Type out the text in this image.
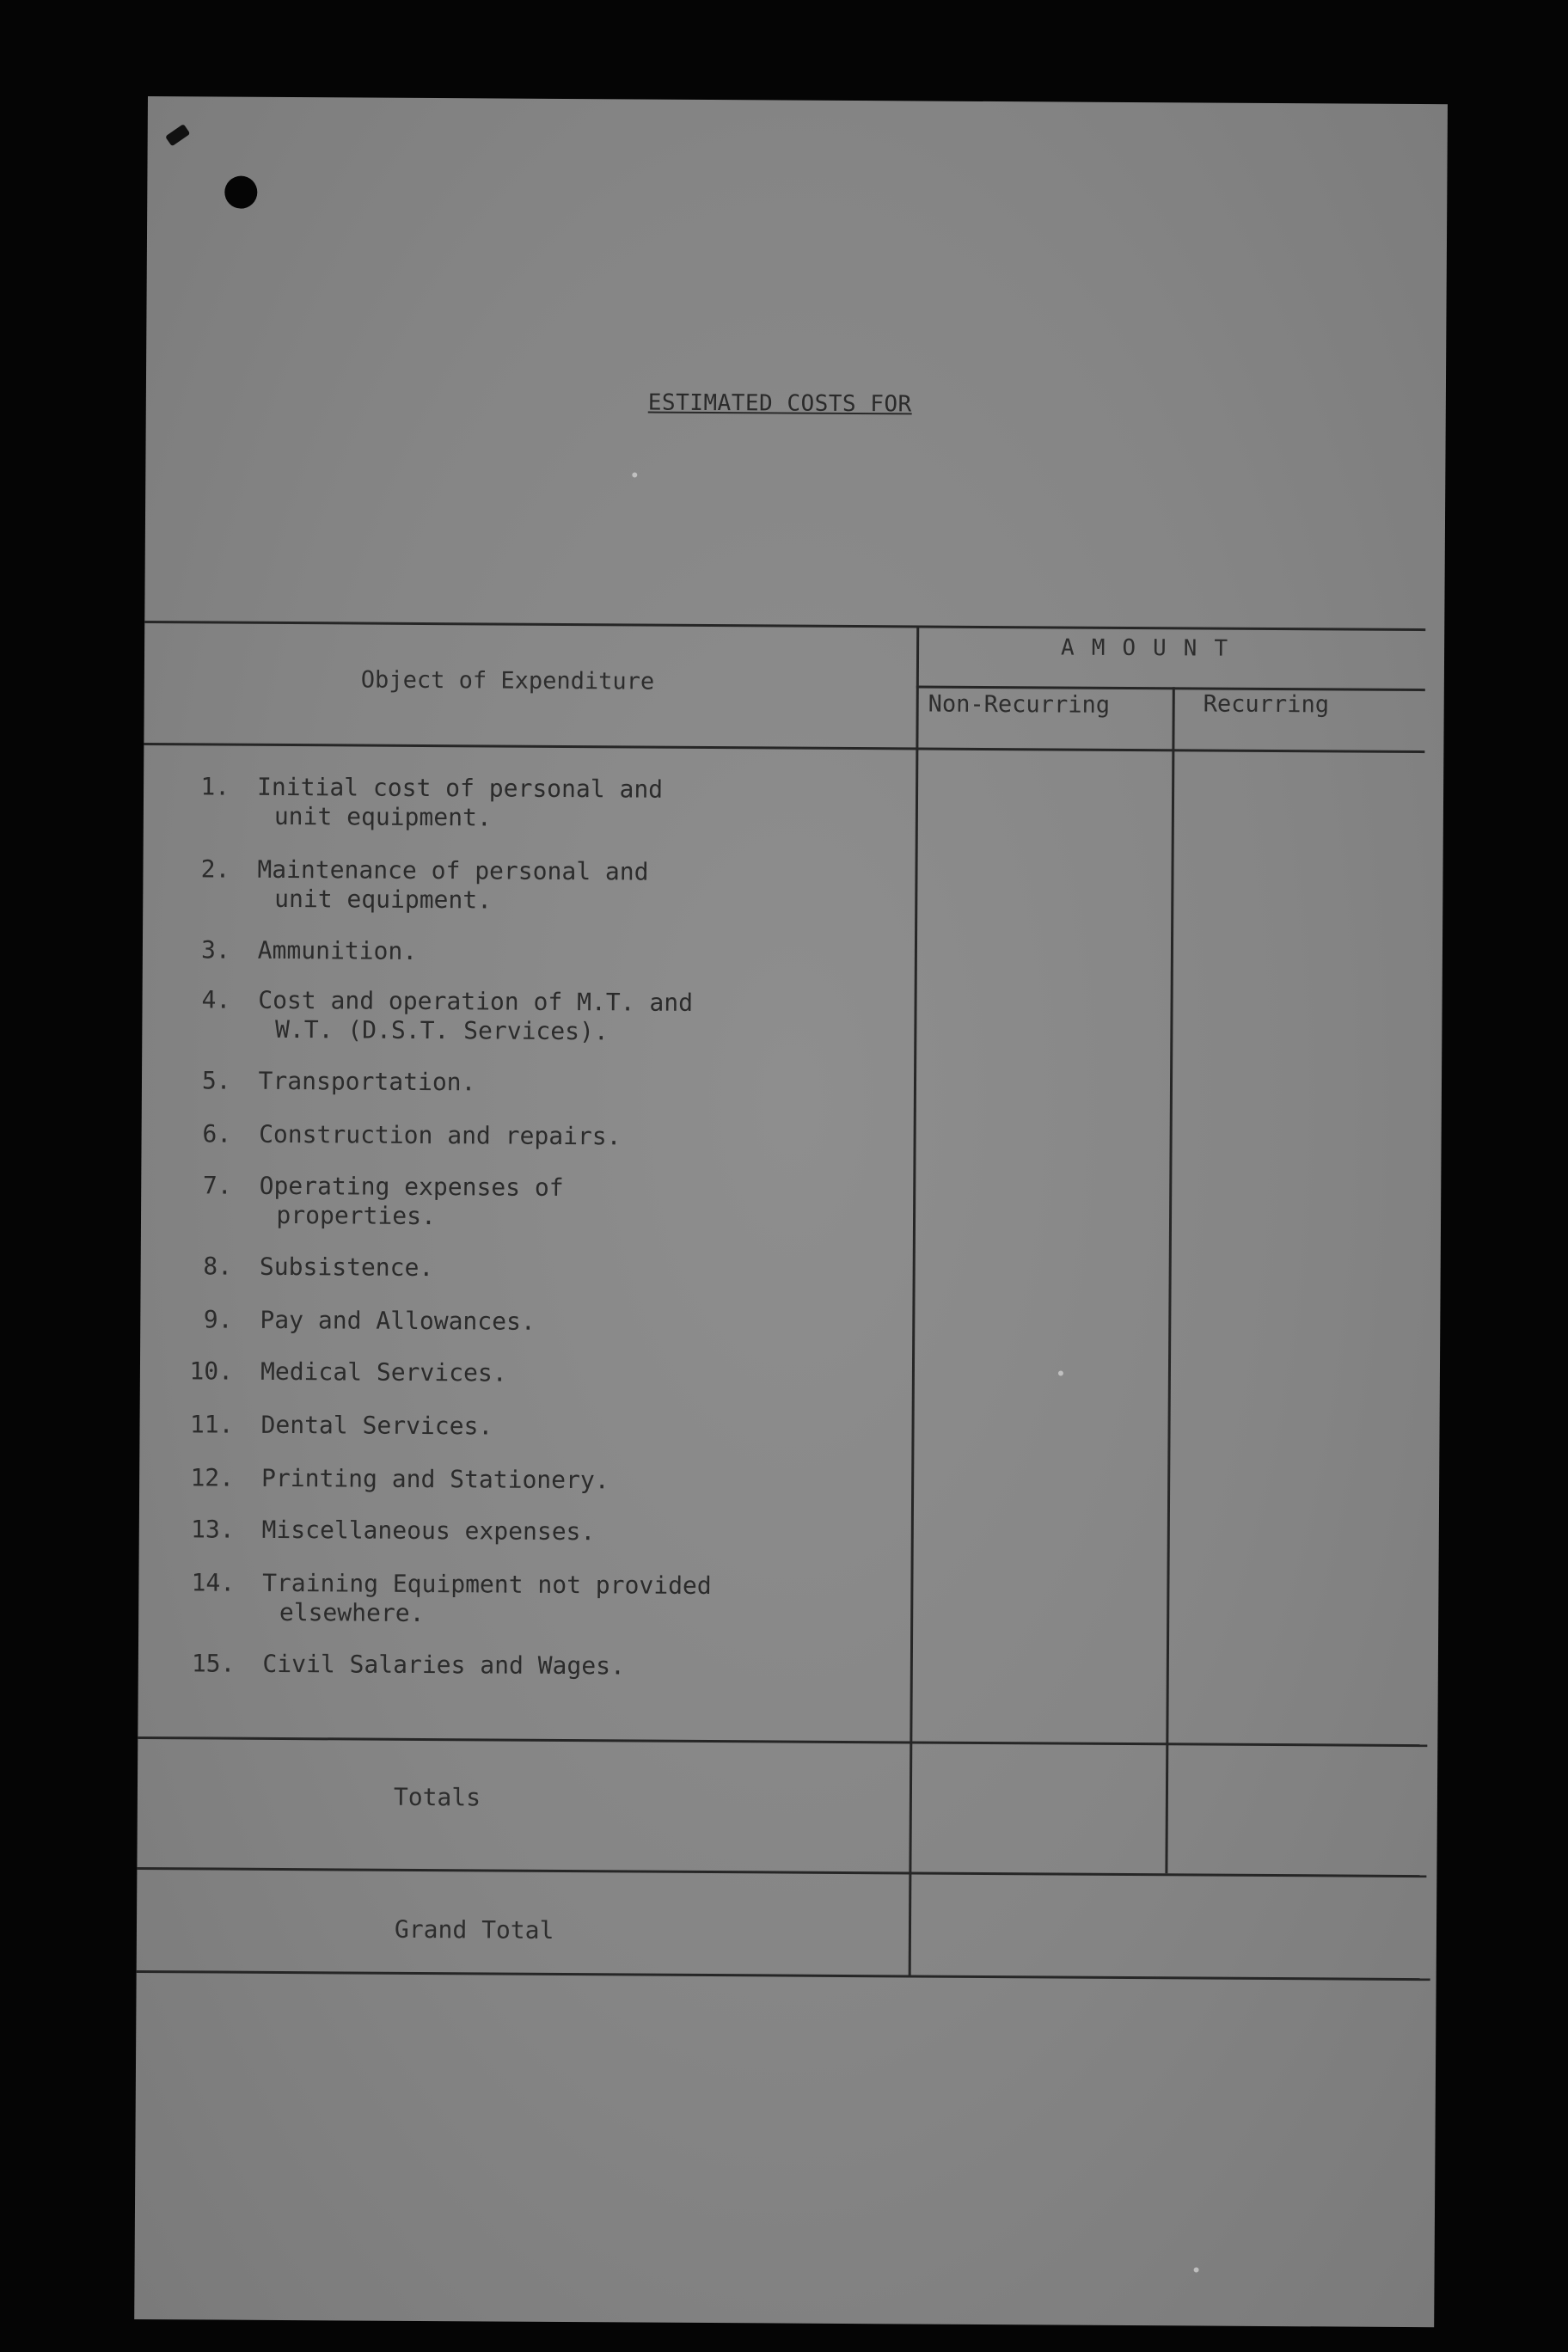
ESTIMATED COSTS FOR
Object of Expenditure
AMOUNT
Non-Recurring	Recurring
1. Initial cost of personal and
unit equipment.
2. Maintenance of personal and
unit equipment.
3. Ammunition.
4. Cost and operation of M.T. and
W.T. (D.S.T. Services).
5. Transportation.
6. Construction and repairs.
7. Operating expenses of
properties.
8. Subsistence.
9. Pay and Allowances.
10. Medical Services.
11. Dental Services.
12. Printing and Stationery.
13. Miscellaneous expenses.
14. Training Equipment not provided
elsewhere.
15. Civil Salaries and Wages.
Totals
Grand Total
